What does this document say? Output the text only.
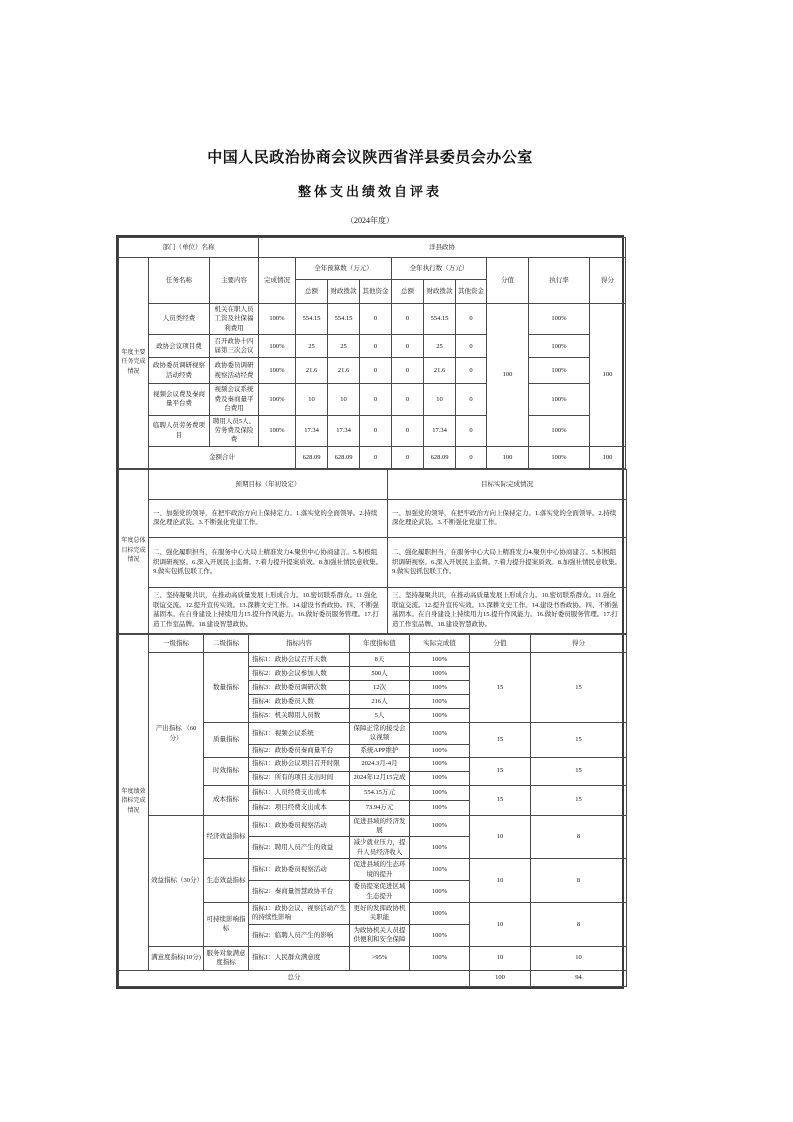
中国人民政治协商会议陕西省洋县委员会办公室
整体支出绩效自评表
（2024年度）
部门（单位）名称			洋县政协									
年度主要任务完成情况	任务名称	主要内容	完成情况	全年预算数（万元）			全年执行数（万元）			分值	执行率	得分
				总额	财政拨款	其他资金	总额	财政拨款	其他资金			
	人员类经费	机关在职人员工资及社保福利费用	100%	554.15	554.15	0	0	554.15	0	100	100%	100
	政协会议项目费	召开政协十四届第三次会议	100%	25	25	0	0	25	0		100%	
	政协委员调研视察活动经费	政协委员调研视察活动经费	100%	21.6	21.6	0	0	21.6	0		100%	
	视频会议费及秦商量平台费	视频会议系统费及秦商量平台费用	100%	10	10	0	0	10	0		100%	
	临聘人员劳务费项目	聘用人员5人、劳务费及保险费	100%	17.34	17.34	0	0	17.34	0		100%	
	金额合计			628.09	628.09	0	0	628.09	0	100	100%	100
年度总体目标完成情况	预期目标（年初设定）	目标实际完成情况
	一、加强党的领导，在把牢政治方向上保持定力。1.落实党的全面领导。2.持续深化理论武装。3.不断强化党建工作。	一、加强党的领导，在把牢政治方向上保持定力。1.落实党的全面领导。2.持续深化理论武装。3.不断强化党建工作。
	二、强化履职担当，在服务中心大局上精准发力4.聚焦中心协商建言。5.积极组织调研视察。6.深入开展民主监督。7.着力提升提案质效。8.加强社情民意收集。9.做实包抓包联工作。	二、强化履职担当，在服务中心大局上精准发力4.聚焦中心协商建言。5.积极组织调研视察。6.深入开展民主监督。7.着力提升提案质效。8.加强社情民意收集。9.做实包抓包联工作。
	三、坚持凝聚共识，在推动高质量发展上形成合力。10.密切联系群众。11.强化联谊交流。12.提升宣传实效。13.深耕文史工作。14.建设书香政协。四、不断强基固本。在自身建设上持续用力15.提升作风能力。16.做好委员服务管理。17.打造工作室品牌。18.建设智慧政协。	三、坚持凝聚共识，在推动高质量发展上形成合力。10.密切联系群众。11.强化联谊交流。12.提升宣传实效。13.深耕文史工作。14.建设书香政协。四、不断强基固本。在自身建设上持续用力15.提升作风能力。16.做好委员服务管理。17.打造工作室品牌。18.建设智慧政协。
年度绩效指标完成情况	一级指标	二级指标	指标内容	年度指标值	实际完成值	分值	得分
	产出指标 （60分）	数量指标	指标1：政协会议召开天数	8天	100%	15	15
			指标2：政协会议参加人数	500人	100%		
			指标3：政协委员调研次数	12次	100%		
			指标4：政协委员人数	216人	100%		
			指标5：机关聘用人员数	5人	100%		
		质量指标	指标1：视频会议系统	保障正常的接受会议视频	100%	15	15
			指标2：政协委员秦商量平台	系统APP维护	100%		
		时效指标	指标1：政协会议项目召开时限	2024.3月-4月	100%	15	15
			指标2：所有的项目支出时间	2024年12月15完成	100%		
		成本指标	指标1：人员经费支出成本	554.15万元	100%	15	15
			指标2：项目经费支出成本	73.94万元	100%		
	效益指标（30分）	经济效益指标	指标1：政协委员视察活动	促进县域的经济发展	100%	10	8
			指标2：聘用人员产生的效益	减少就业压力，提升人员经济收入	100%		
		生态效益指标	指标1：政协委员视察活动	促进县域的生态环境的提升	100%	10	8
			指标2：秦商量智慧政协平台	委员提案促进区域生态提升	100%		
		可持续影响指标	指标1：政协会议、视察活动产生的持续性影响	更好的发挥政协机关职能	100%	10	8
			指标2：临聘人员产生的影响	为政协机关人员提供便利和安全保障	100%		
	满意度指标(10分)	服务对象满意度指标	指标1：人民群众满意度	>95%	100%	10	10
总分						100	94
